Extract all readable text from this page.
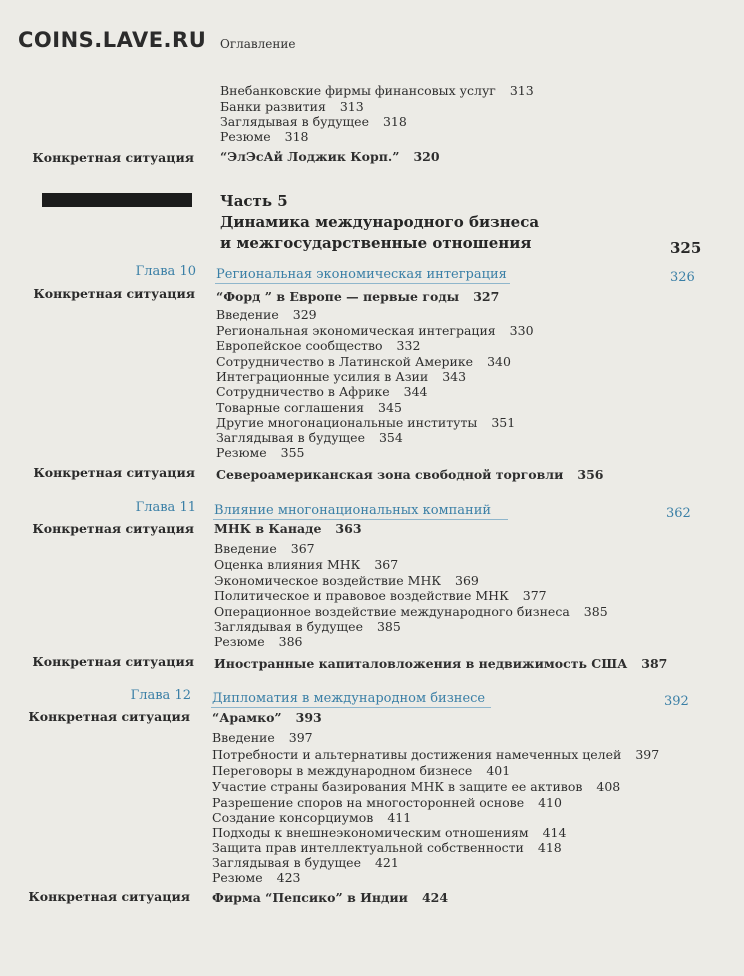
COINS.LAVE.RU Оглавление
Внебанковские фирмы финансовых услуг 313
Банки развития 313
Заглядывая в будущее 318
Резюме 318
Конкретная ситуация “ЭлЭсАй Лоджик Корп.” 320
Часть 5
Динамика международного бизнеса
и межгосударственные отношения	325
Глава 10 Региональная экономическая интеграция	326
Конкретная ситуация “Форд ” в Европе — первые годы 327
Введение 329
Региональная экономическая интеграция 330
Европейское сообщество 332
Сотрудничество в Латинской Америке 340
Интеграционные усилия в Азии 343
Сотрудничество в Африке 344
Товарные соглашения 345
Другие многонациональные институты 351
Заглядывая в будущее 354
Резюме 355
Конкретная ситуация Североамериканская зона свободной торговли 356
Глава 11 Влияние многонациональных компаний	362
Конкретная ситуация МНК в Канаде 363
Введение 367
Оценка влияния МНК 367
Экономическое воздействие МНК 369
Политическое и правовое воздействие МНК 377
Операционное воздействие международного бизнеса 385
Заглядывая в будущее 385
Резюме 386
Конкретная ситуация Иностранные капиталовложения в недвижимость США 387
Глава 12 Дипломатия в международном бизнесе	392
Конкретная ситуация “Арамко” 393
Введение 397
Потребности и альтернативы достижения намеченных целей 397
Переговоры в международном бизнесе 401
Участие страны базирования МНК в защите ее активов 408
Разрешение споров на многосторонней основе 410
Создание консорциумов 411
Подходы к внешнеэкономическим отношениям 414
Защита прав интеллектуальной собственности 418
Заглядывая в будущее 421
Резюме 423
Конкретная ситуация Фирма “Пепсико” в Индии 424
